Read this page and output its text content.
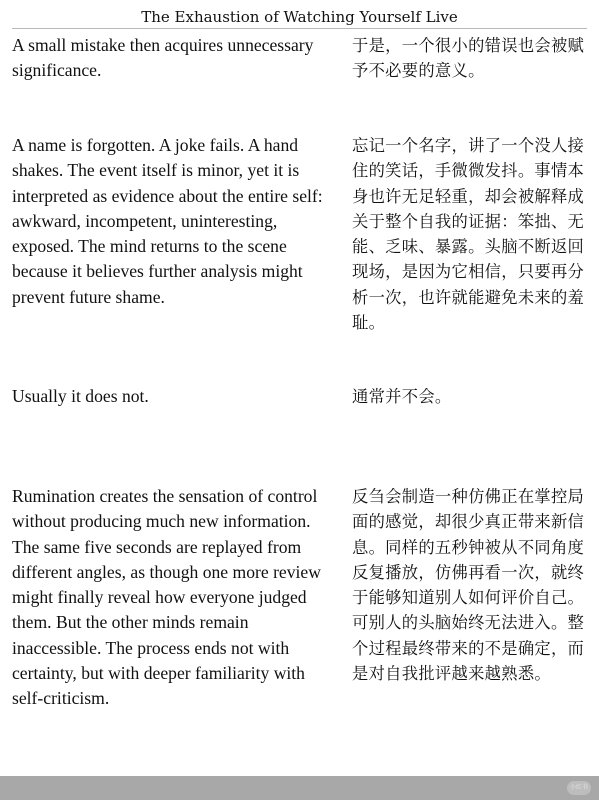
The Exhaustion of Watching Yourself Live

A small mistake then acquires unnecessary significance.

于是，一个很小的错误也会被赋予不必要的意义。

A name is forgotten. A joke fails. A hand shakes. The event itself is minor, yet it is interpreted as evidence about the entire self: awkward, incompetent, uninteresting, exposed. The mind returns to the scene because it believes further analysis might prevent future shame.

忘记一个名字，讲了一个没人接住的笑话，手微微发抖。事情本身也许无足轻重，却会被解释成关于整个自我的证据：笨拙、无能、乏味、暴露。头脑不断返回现场，是因为它相信，只要再分析一次，也许就能避免未来的羞耻。

Usually it does not.	通常并不会。

Rumination creates the sensation of control without producing much new information. The same five seconds are replayed from different angles, as though one more review might finally reveal how everyone judged them. But the other minds remain inaccessible. The process ends not with certainty, but with deeper familiarity with self-criticism.

反刍会制造一种仿佛正在掌控局面的感觉，却很少真正带来新信息。同样的五秒钟被从不同角度反复播放，仿佛再看一次，就终于能够知道别人如何评价自己。可别人的头脑始终无法进入。整个过程最终带来的不是确定，而是对自我批评越来越熟悉。

小红书
